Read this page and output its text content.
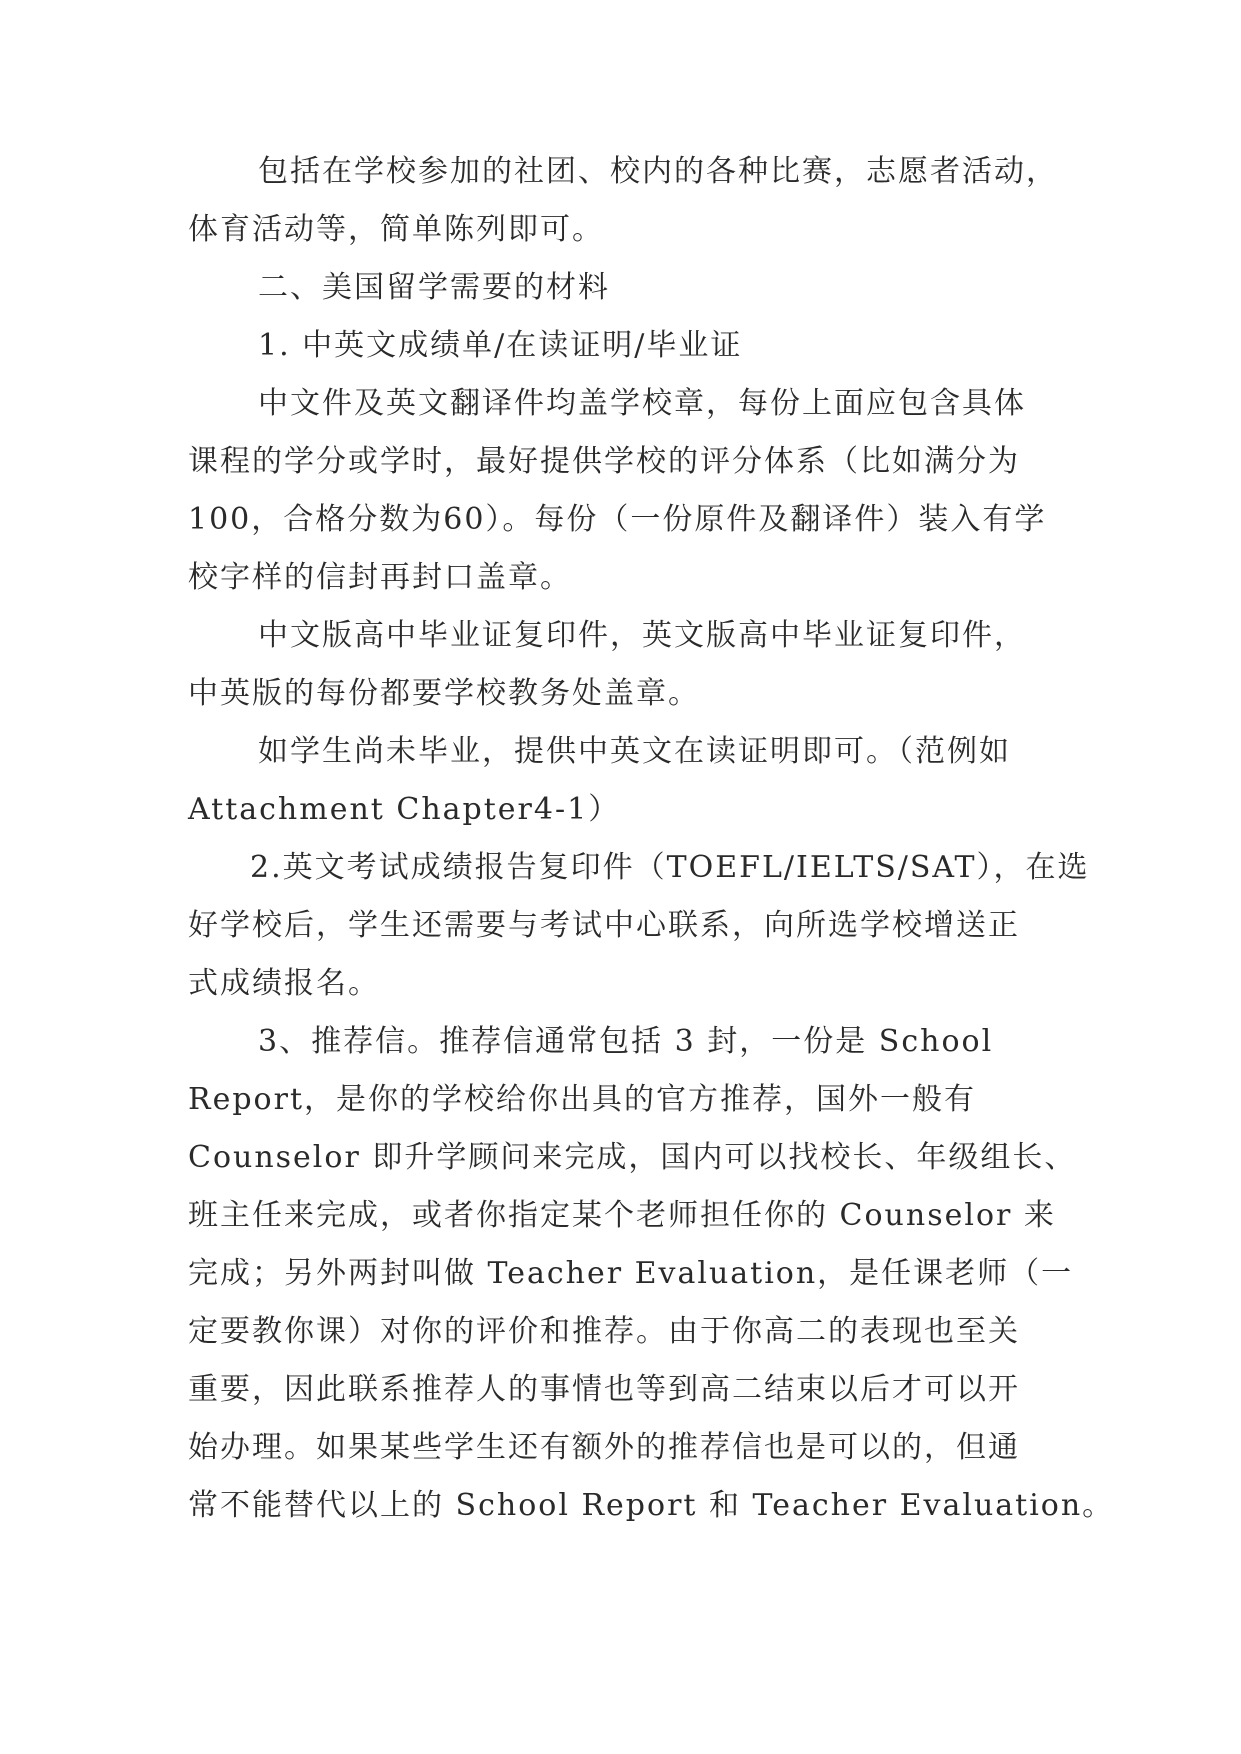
包括在学校参加的社团、校内的各种比赛，志愿者活动，
体育活动等，简单陈列即可。
二、美国留学需要的材料
1. 中英文成绩单/在读证明/毕业证
中文件及英文翻译件均盖学校章，每份上面应包含具体
课程的学分或学时，最好提供学校的评分体系（比如满分为
100，合格分数为60）。每份（一份原件及翻译件）装入有学
校字样的信封再封口盖章。
中文版高中毕业证复印件，英文版高中毕业证复印件，
中英版的每份都要学校教务处盖章。
如学生尚未毕业，提供中英文在读证明即可。（范例如
Attachment Chapter4-1）
2.英文考试成绩报告复印件（TOEFL/IELTS/SAT），在选
好学校后，学生还需要与考试中心联系，向所选学校增送正
式成绩报名。
3、推荐信。推荐信通常包括 3 封，一份是 School
Report，是你的学校给你出具的官方推荐，国外一般有
Counselor 即升学顾问来完成，国内可以找校长、年级组长、
班主任来完成，或者你指定某个老师担任你的 Counselor 来
完成；另外两封叫做 Teacher Evaluation，是任课老师（一
定要教你课）对你的评价和推荐。由于你高二的表现也至关
重要，因此联系推荐人的事情也等到高二结束以后才可以开
始办理。如果某些学生还有额外的推荐信也是可以的，但通
常不能替代以上的 School Report 和 Teacher Evaluation。
